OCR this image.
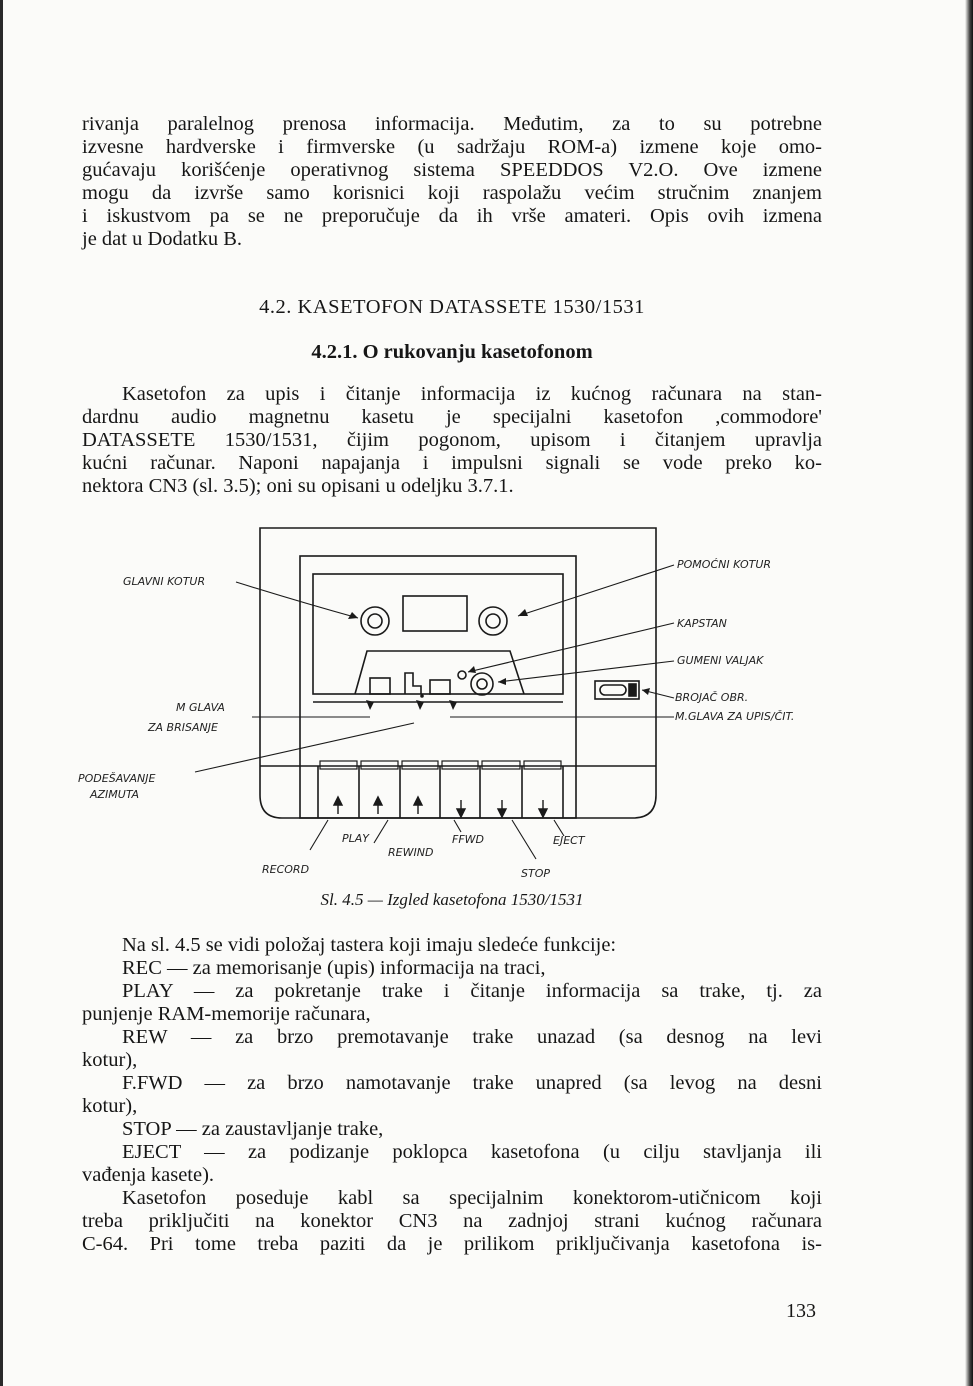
rivanja paralelnog prenosa informacija. Međutim, za to su potrebne

izvesne hardverske i firmverske (u sadržaju ROM-a) izmene koje omo-

gućavaju korišćenje operativnog sistema SPEEDDOS V2.O. Ove izmene

mogu da izvrše samo korisnici koji raspolažu većim stručnim znanjem

i iskustvom pa se ne preporučuje da ih vrše amateri. Opis ovih izmena

je dat u Dodatku B.

4.2. KASETOFON DATASSETE 1530/1531
4.2.1. O rukovanju kasetofonom

Kasetofon za upis i čitanje informacija iz kućnog računara na stan-

dardnu audio magnetnu kasetu je specijalni kasetofon ,commodore'

DATASSETE 1530/1531, čijim pogonom, upisom i čitanjem upravlja

kućni računar. Naponi napajanja i impulsni signali se vode preko ko-

nektora CN3 (sl. 3.5); oni su opisani u odeljku 3.7.1.

GLAVNI KOTUR
POMOĆNI KOTUR
KAPSTAN
GUMENI VALJAK
BROJAČ OBR.
M.GLAVA ZA UPIS/ČIT.
M GLAVA
ZA BRISANJE
PODEŠAVANJE
AZIMUTA
PLAY
REWIND
FFWD	EJECT
RECORD	STOP
Sl. 4.5 — Izgled kasetofona 1530/1531

Na sl. 4.5 se vidi položaj tastera koji imaju sledeće funkcije:

REC — za memorisanje (upis) informacija na traci,

PLAY — za pokretanje trake i čitanje informacija sa trake, tj. za

punjenje RAM-memorije računara,

REW — za brzo premotavanje trake unazad (sa desnog na levi

kotur),

F.FWD — za brzo namotavanje trake unapred (sa levog na desni

kotur),

STOP — za zaustavljanje trake,

EJECT — za podizanje poklopca kasetofona (u cilju stavljanja ili

vađenja kasete).

Kasetofon poseduje kabl sa specijalnim konektorom-utičnicom koji

treba priključiti na konektor CN3 na zadnjoj strani kućnog računara

C-64. Pri tome treba paziti da je prilikom priključivanja kasetofona is-

133
